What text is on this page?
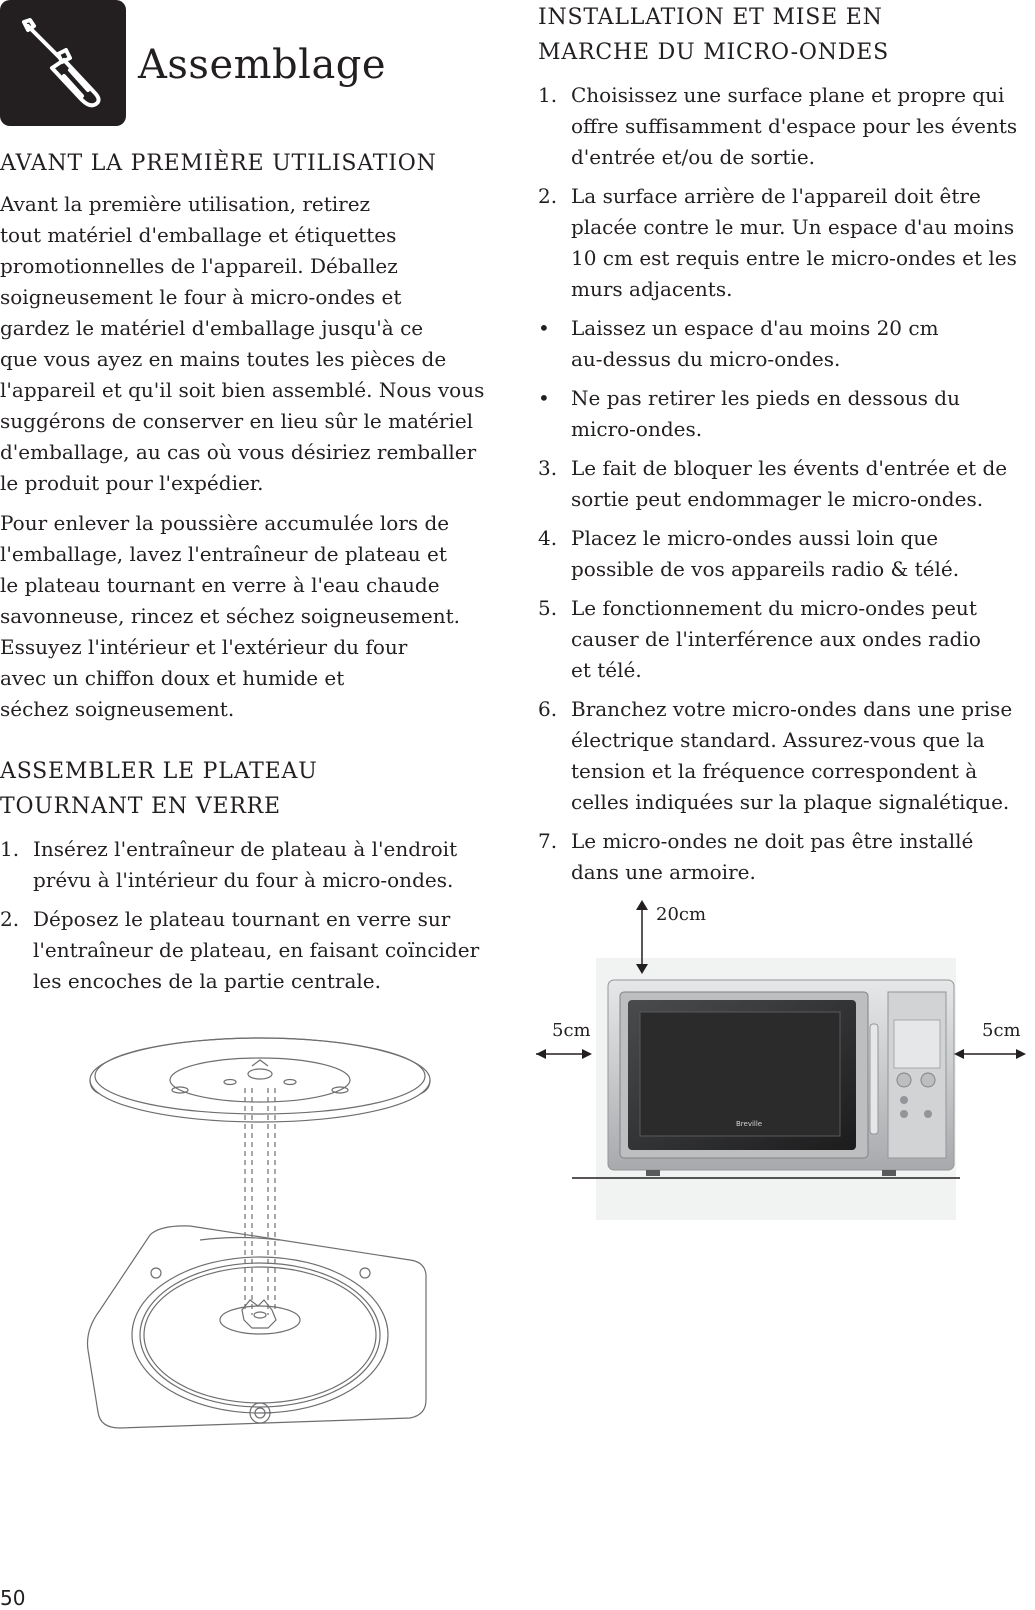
Assemblage
AVANT LA PREMIÈRE UTILISATION

Avant la première utilisation, retirez
tout matériel d'emballage et étiquettes
promotionnelles de l'appareil. Déballez
soigneusement le four à micro-ondes et
gardez le matériel d'emballage jusqu'à ce
que vous ayez en mains toutes les pièces de
l'appareil et qu'il soit bien assemblé. Nous vous
suggérons de conserver en lieu sûr le matériel
d'emballage, au cas où vous désiriez remballer
le produit pour l'expédier.

Pour enlever la poussière accumulée lors de
l'emballage, lavez l'entraîneur de plateau et
le plateau tournant en verre à l'eau chaude
savonneuse, rincez et séchez soigneusement.
Essuyez l'intérieur et l'extérieur du four
avec un chiffon doux et humide et
séchez soigneusement.

ASSEMBLER LE PLATEAU
TOURNANT EN VERRE
1. Insérez l'entraîneur de plateau à l'endroit
prévu à l'intérieur du four à micro-ondes.
2. Déposez le plateau tournant en verre sur
l'entraîneur de plateau, en faisant coïncider
les encoches de la partie centrale.
INSTALLATION ET MISE EN
MARCHE DU MICRO-ONDES
1. Choisissez une surface plane et propre qui
offre suffisamment d'espace pour les évents
d'entrée et/ou de sortie.
2. La surface arrière de l'appareil doit être
placée contre le mur. Un espace d'au moins
10 cm est requis entre le micro-ondes et les
murs adjacents.
• Laissez un espace d'au moins 20 cm
au-dessus du micro-ondes.
• Ne pas retirer les pieds en dessous du
micro-ondes.
3. Le fait de bloquer les évents d'entrée et de
sortie peut endommager le micro-ondes.
4. Placez le micro-ondes aussi loin que
possible de vos appareils radio & télé.
5. Le fonctionnement du micro-ondes peut
causer de l'interférence aux ondes radio
et télé.
6. Branchez votre micro-ondes dans une prise
électrique standard. Assurez-vous que la
tension et la fréquence correspondent à
celles indiquées sur la plaque signalétique.
7. Le micro-ondes ne doit pas être installé
dans une armoire.
Breville
20cm
5cm	5cm
50
